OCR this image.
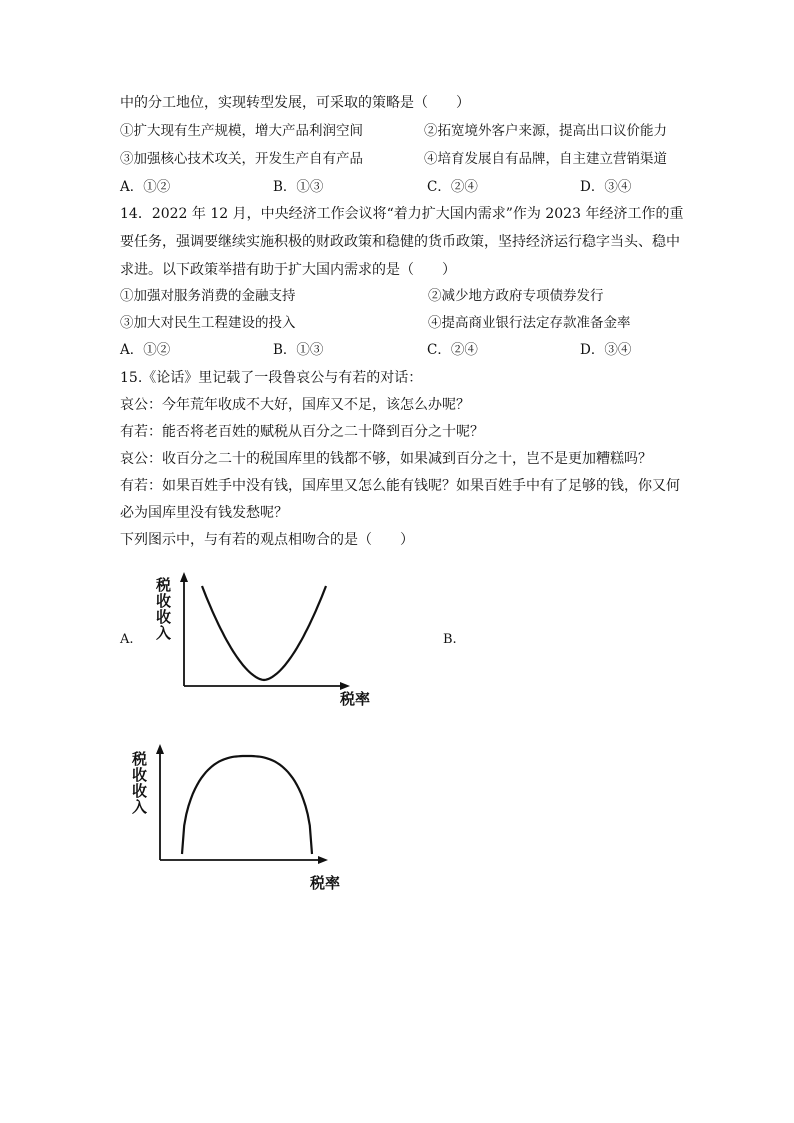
中的分工地位，实现转型发展，可采取的策略是（　　）
①扩大现有生产规模，增大产品利润空间	②拓宽境外客户来源，提高出口议价能力
③加强核心技术攻关，开发生产自有产品	④培育发展自有品牌，自主建立营销渠道
A．①②	B．①③	C．②④	D．③④
14．2022 年 12 月，中央经济工作会议将“着力扩大国内需求”作为 2023 年经济工作的重
要任务，强调要继续实施积极的财政政策和稳健的货币政策，坚持经济运行稳字当头、稳中
求进。以下政策举措有助于扩大国内需求的是（　　）
①加强对服务消费的金融支持	②减少地方政府专项债券发行
③加大对民生工程建设的投入	④提高商业银行法定存款准备金率
A．①②	B．①③	C．②④	D．③④
15.《论话》里记载了一段鲁哀公与有若的对话：
哀公：今年荒年收成不大好，国库又不足，该怎么办呢？
有若：能否将老百姓的赋税从百分之二十降到百分之十呢？
哀公：收百分之二十的税国库里的钱都不够，如果减到百分之十，岂不是更加糟糕吗？
有若：如果百姓手中没有钱，国库里又怎么能有钱呢？如果百姓手中有了足够的钱，你又何
必为国库里没有钱发愁呢？
下列图示中，与有若的观点相吻合的是（　　）
A.	B.
税
收
收
入
税率
税
收
收
入
税率
